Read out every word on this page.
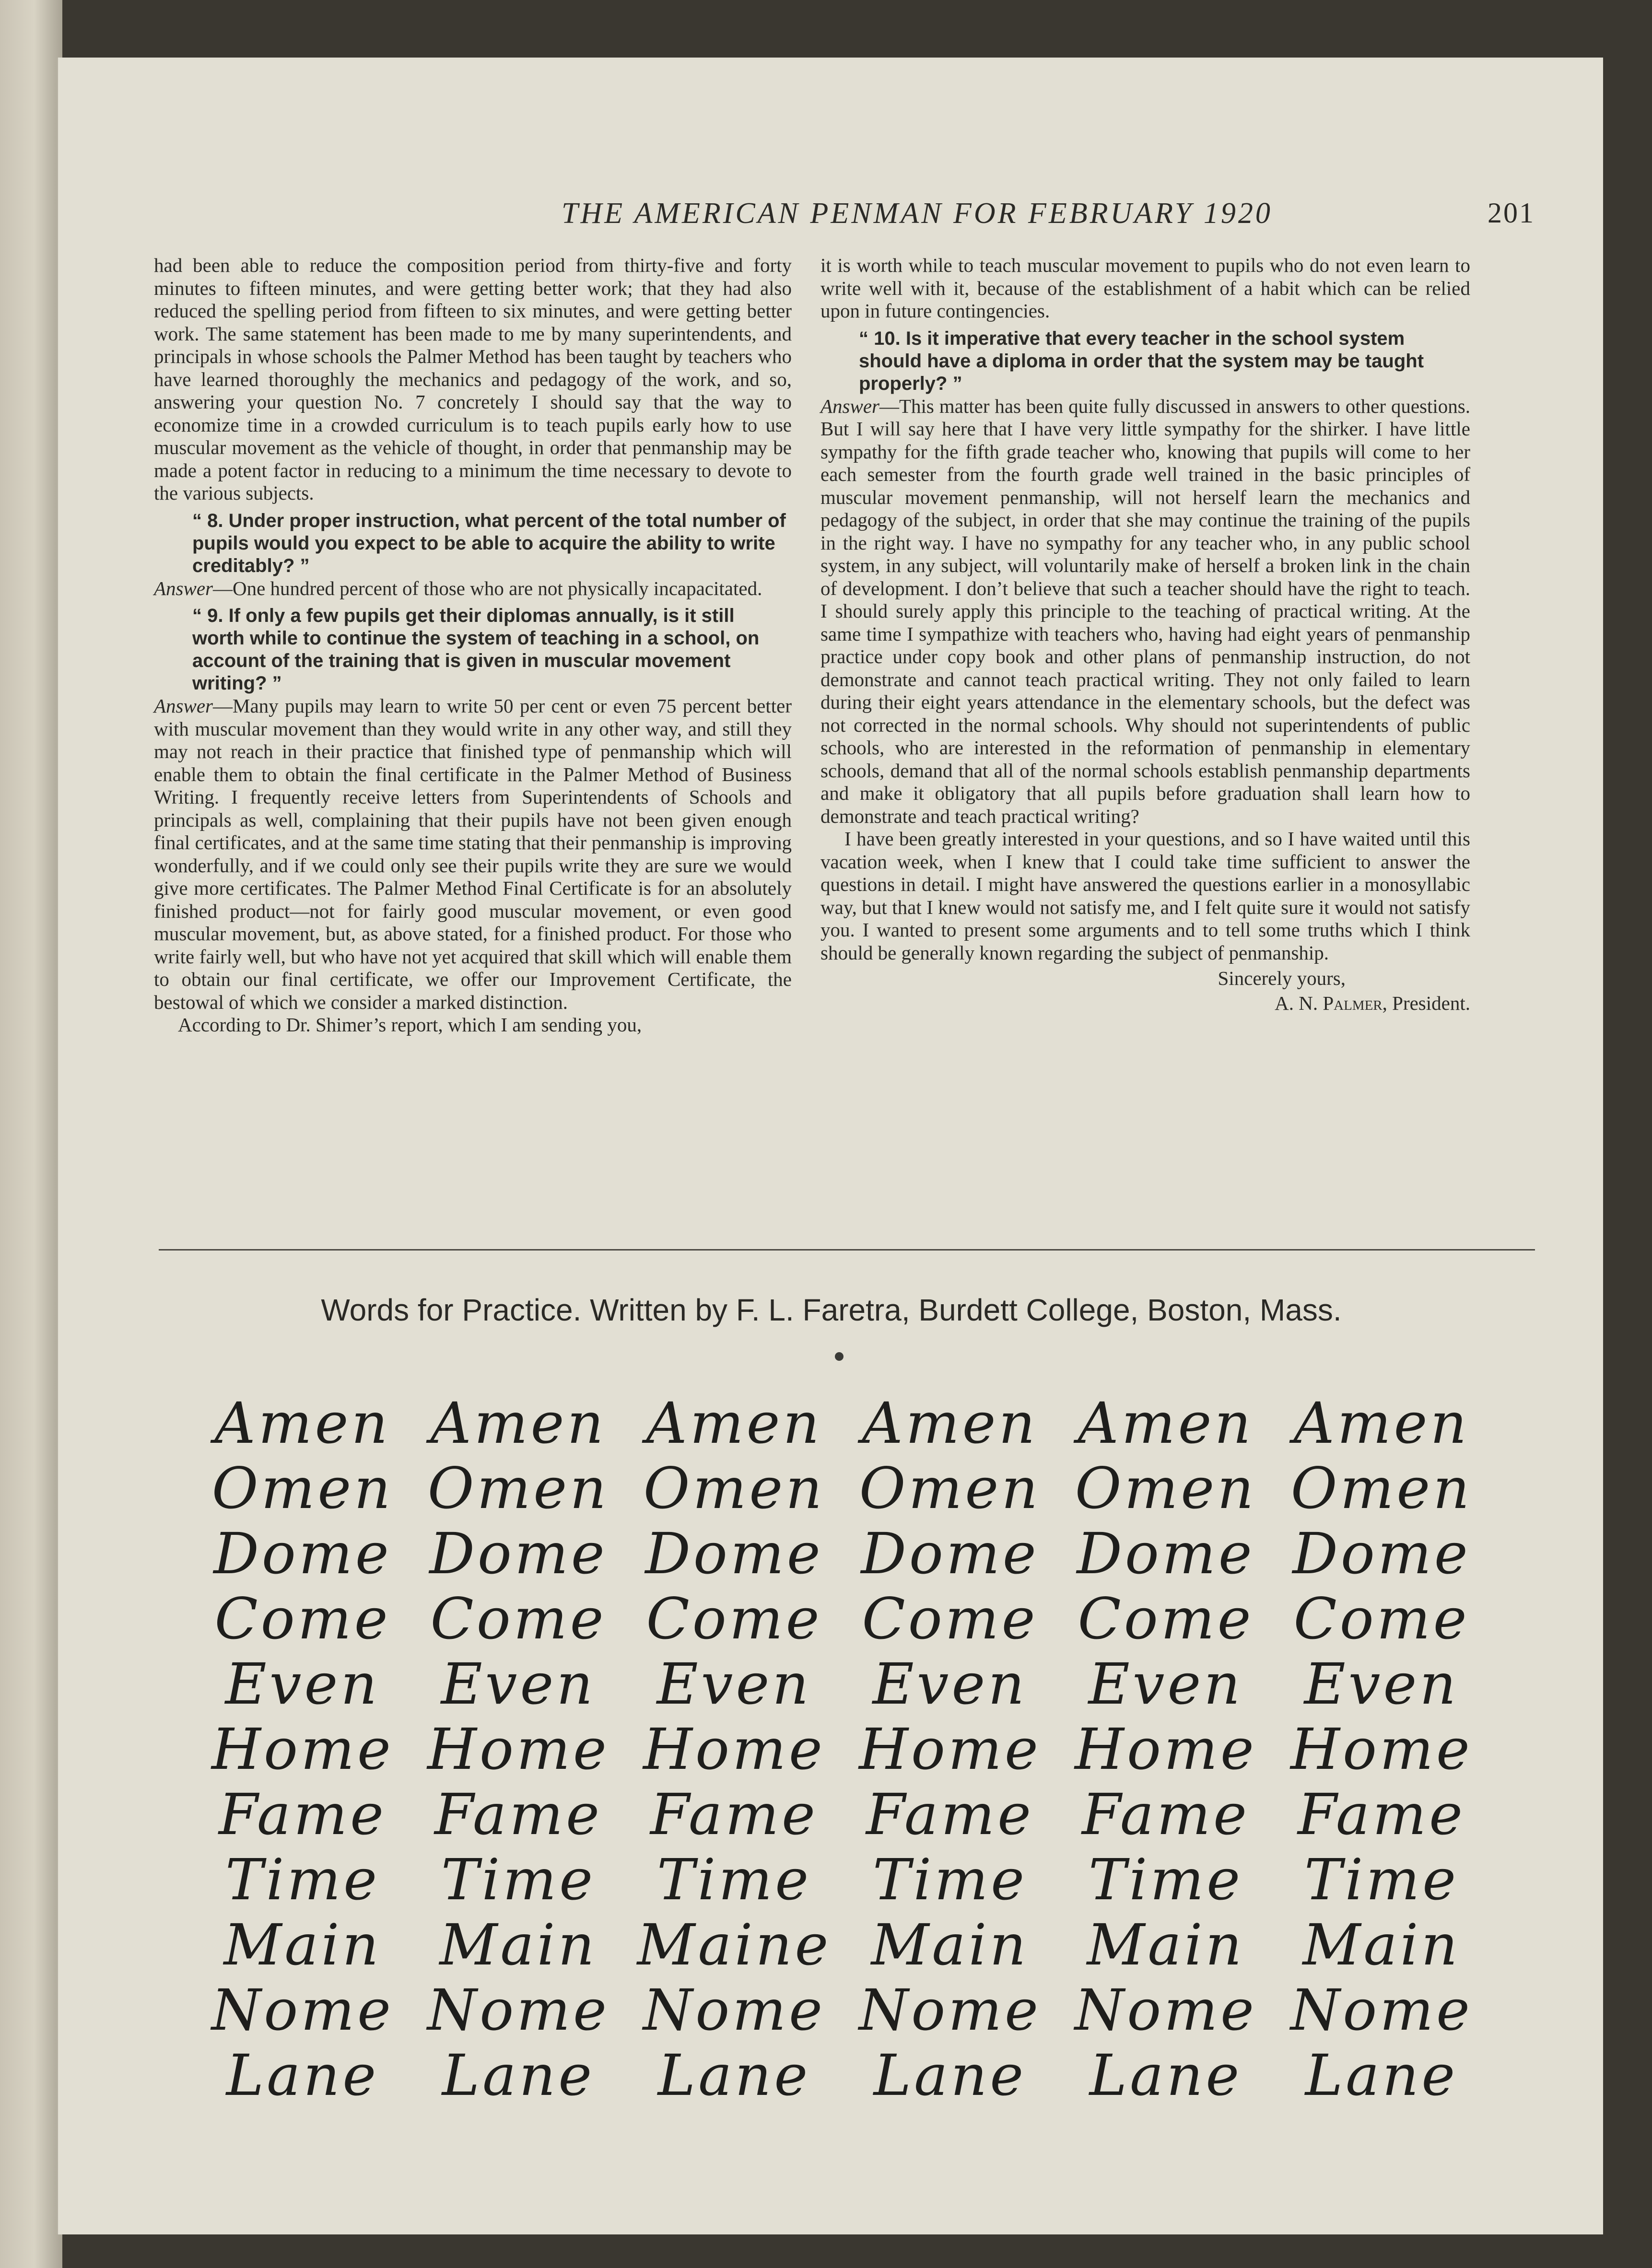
THE AMERICAN PENMAN FOR FEBRUARY 1920	201

had been able to reduce the composition period from thirty-five and forty minutes to fifteen minutes, and were getting better work; that they had also reduced the spelling period from fifteen to six minutes, and were getting better work. The same statement has been made to me by many superintendents, and principals in whose schools the Palmer Method has been taught by teachers who have learned thoroughly the mechanics and pedagogy of the work, and so, answering your question No. 7 concretely I should say that the way to economize time in a crowded curriculum is to teach pupils early how to use muscular movement as the vehicle of thought, in order that penmanship may be made a potent factor in reducing to a minimum the time necessary to devote to the various subjects.

“ 8. Under proper instruction, what percent of the total number of pupils would you expect to be able to acquire the ability to write creditably? ”

Answer—One hundred percent of those who are not physically incapacitated.

“ 9. If only a few pupils get their diplomas annually, is it still worth while to continue the system of teaching in a school, on account of the training that is given in muscular movement writing? ”

Answer—Many pupils may learn to write 50 per cent or even 75 percent better with muscular movement than they would write in any other way, and still they may not reach in their practice that finished type of penmanship which will enable them to obtain the final certificate in the Palmer Method of Business Writing. I frequently receive letters from Superintendents of Schools and principals as well, complaining that their pupils have not been given enough final certificates, and at the same time stating that their penmanship is improving wonderfully, and if we could only see their pupils write they are sure we would give more certificates. The Palmer Method Final Certificate is for an absolutely finished product—not for fairly good muscular movement, or even good muscular movement, but, as above stated, for a finished product. For those who write fairly well, but who have not yet acquired that skill which will enable them to obtain our final certificate, we offer our Improvement Certificate, the bestowal of which we consider a marked distinction.

According to Dr. Shimer’s report, which I am sending you,

it is worth while to teach muscular movement to pupils who do not even learn to write well with it, because of the establishment of a habit which can be relied upon in future contingencies.

“ 10. Is it imperative that every teacher in the school system should have a diploma in order that the system may be taught properly? ”

Answer—This matter has been quite fully discussed in answers to other questions. But I will say here that I have very little sympathy for the shirker. I have little sympathy for the fifth grade teacher who, knowing that pupils will come to her each semester from the fourth grade well trained in the basic principles of muscular movement penmanship, will not herself learn the mechanics and pedagogy of the subject, in order that she may continue the training of the pupils in the right way. I have no sympathy for any teacher who, in any public school system, in any subject, will voluntarily make of herself a broken link in the chain of development. I don’t believe that such a teacher should have the right to teach. I should surely apply this principle to the teaching of practical writing. At the same time I sympathize with teachers who, having had eight years of penmanship practice under copy book and other plans of penmanship instruction, do not demonstrate and cannot teach practical writing. They not only failed to learn during their eight years attendance in the elementary schools, but the defect was not corrected in the normal schools. Why should not superintendents of public schools, who are interested in the reformation of penmanship in elementary schools, demand that all of the normal schools establish penmanship departments and make it obligatory that all pupils before graduation shall learn how to demonstrate and teach practical writing?

I have been greatly interested in your questions, and so I have waited until this vacation week, when I knew that I could take time sufficient to answer the questions in detail. I might have answered the questions earlier in a monosyllabic way, but that I knew would not satisfy me, and I felt quite sure it would not satisfy you. I wanted to present some arguments and to tell some truths which I think should be generally known regarding the subject of penmanship.

Sincerely yours,

A. N. Palmer, President.

Words for Practice. Written by F. L. Faretra, Burdett College, Boston, Mass.
Amen Amen Amen Amen Amen Amen
Omen Omen Omen Omen Omen Omen
Dome Dome Dome Dome Dome Dome
Come Come Come Come Come Come
Even	Even	Even	Even	Even	Even
Home Home Home Home Home Home
Fame Fame Fame Fame Fame Fame
Time	Time	Time	Time	Time	Time
Main	Main Maine Main	Main	Main
Nome Nome Nome Nome Nome Nome
Lane	Lane	Lane	Lane	Lane	Lane
